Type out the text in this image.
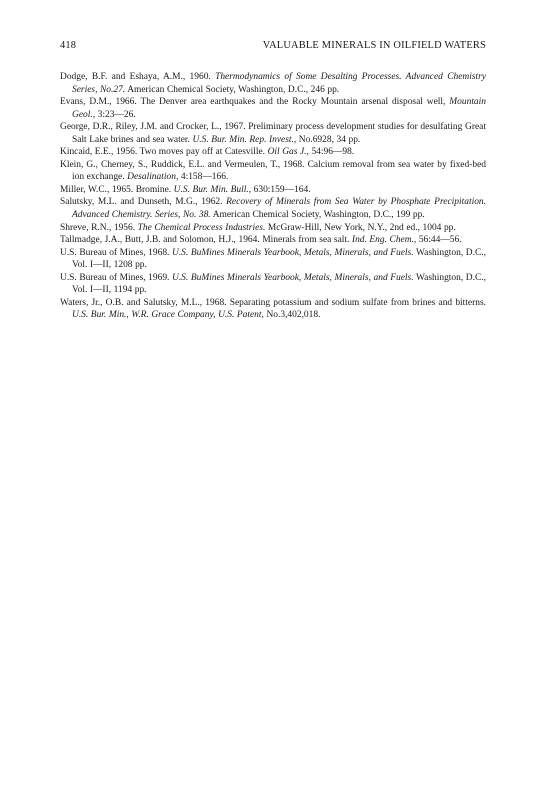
418	VALUABLE MINERALS IN OILFIELD WATERS

Dodge, B.F. and Eshaya, A.M., 1960. Thermodynamics of Some Desalting Processes. Advanced Chemistry Series, No.27. American Chemical Society, Washington, D.C., 246 pp.

Evans, D.M., 1966. The Denver area earthquakes and the Rocky Mountain arsenal disposal well, Mountain Geol., 3:23—26.

George, D.R., Riley, J.M. and Crocker, L., 1967. Preliminary process development studies for desulfating Great Salt Lake brines and sea water. U.S. Bur. Min. Rep. Invest., No.6928, 34 pp.

Kincaid, E.E., 1956. Two moves pay off at Catesville. Oil Gas J., 54:96—98.

Klein, G., Cherney, S., Ruddick, E.L. and Vermeulen, T., 1968. Calcium removal from sea water by fixed-bed ion exchange. Desalination, 4:158—166.

Miller, W.C., 1965. Bromine. U.S. Bur. Min. Bull., 630:159—164.

Salutsky, M.L. and Dunseth, M.G., 1962. Recovery of Minerals from Sea Water by Phosphate Precipitation. Advanced Chemistry. Series, No. 38. American Chemical Society, Washington, D.C., 199 pp.

Shreve, R.N., 1956. The Chemical Process Industries. McGraw-Hill, New York, N.Y., 2nd ed., 1004 pp.

Tallmadge, J.A., Butt, J.B. and Solomon, H.J., 1964. Minerals from sea salt. Ind. Eng. Chem., 56:44—56.

U.S. Bureau of Mines, 1968. U.S. BuMines Minerals Yearbook, Metals, Minerals, and Fuels. Washington, D.C., Vol. I—II, 1208 pp.

U.S. Bureau of Mines, 1969. U.S. BuMines Minerals Yearbook, Metals, Minerals, and Fuels. Washington, D.C., Vol. I—II, 1194 pp.

Waters, Jr., O.B. and Salutsky, M.L., 1968. Separating potassium and sodium sulfate from brines and bitterns. U.S. Bur. Min., W.R. Grace Company, U.S. Patent, No.3,402,018.
